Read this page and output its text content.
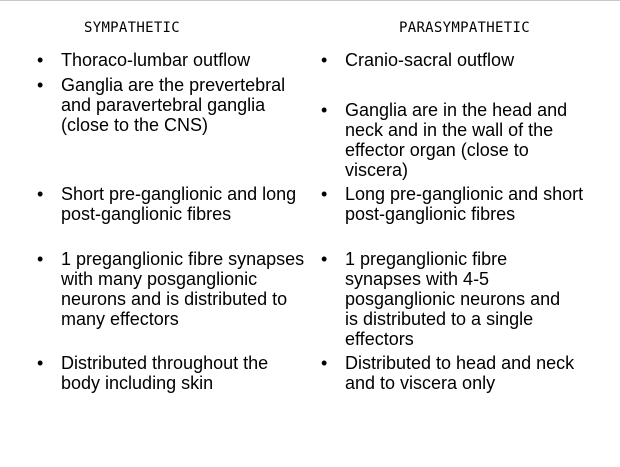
SYMPATHETIC	PARASYMPATHETIC
• Thoraco-lumbar outflow
• Ganglia are the prevertebral and paravertebral ganglia (close to the CNS)
• Short pre-ganglionic and long post-ganglionic fibres
• 1 preganglionic fibre synapses with many posganglionic neurons and is distributed to many effectors
• Distributed throughout the body including skin
• Cranio-sacral outflow
• Ganglia are in the head and neck and in the wall of the effector organ (close to viscera)
• Long pre-ganglionic and short post-ganglionic fibres
• 1 preganglionic fibre synapses with 4-5 posganglionic neurons and is distributed to a single effectors
• Distributed to head and neck and to viscera only
